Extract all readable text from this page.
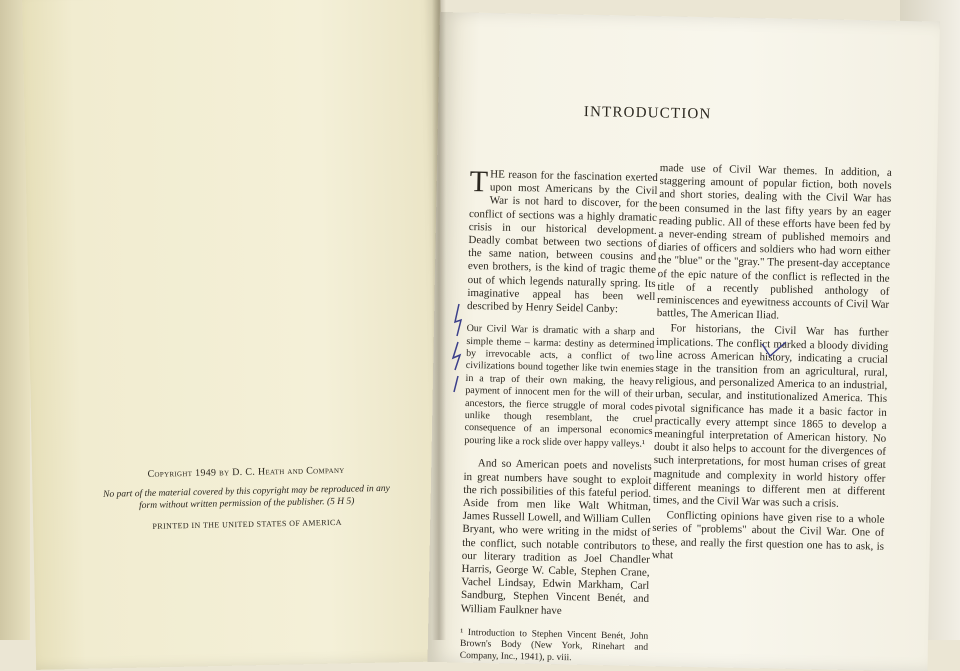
Copyright 1949 by D. C. Heath and Company
No part of the material covered by this copyright may be reproduced in any form without written permission of the publisher. (5 H 5)
PRINTED IN THE UNITED STATES OF AMERICA
INTRODUCTION

THE reason for the fascination exerted upon most Americans by the Civil War is not hard to discover, for the conflict of sections was a highly dramatic crisis in our historical development. Deadly combat between two sections of the same nation, between cousins and even brothers, is the kind of tragic theme out of which legends naturally spring. Its imaginative appeal has been well described by Henry Seidel Canby:

Our Civil War is dramatic with a sharp and simple theme – karma: destiny as determined by irrevocable acts, a conflict of two civilizations bound together like twin enemies in a trap of their own making, the heavy payment of innocent men for the will of their ancestors, the fierce struggle of moral codes unlike though resemblant, the cruel consequence of an impersonal economics pouring like a rock slide over happy valleys.¹

And so American poets and novelists in great numbers have sought to exploit the rich possibilities of this fateful period. Aside from men like Walt Whitman, James Russell Lowell, and William Cullen Bryant, who were writing in the midst of the conflict, such notable contributors to our literary tradition as Joel Chandler Harris, George W. Cable, Stephen Crane, Vachel Lindsay, Edwin Markham, Carl Sandburg, Stephen Vincent Benét, and William Faulkner have

¹ Introduction to Stephen Vincent Benét, John Brown's Body (New York, Rinehart and Company, Inc., 1941), p. viii.

made use of Civil War themes. In addition, a staggering amount of popular fiction, both novels and short stories, dealing with the Civil War has been consumed in the last fifty years by an eager reading public. All of these efforts have been fed by a never-ending stream of published memoirs and diaries of officers and soldiers who had worn either the "blue" or the "gray." The present-day acceptance of the epic nature of the conflict is reflected in the title of a recently published anthology of reminiscences and eyewitness accounts of Civil War battles, The American Iliad.

For historians, the Civil War has further implications. The conflict marked a bloody dividing line across American history, indicating a crucial stage in the transition from an agricultural, rural, religious, and personalized America to an industrial, urban, secular, and institutionalized America. This pivotal significance has made it a basic factor in practically every attempt since 1865 to develop a meaningful interpretation of American history. No doubt it also helps to account for the divergences of such interpretations, for most human crises of great magnitude and complexity in world history offer different meanings to different men at different times, and the Civil War was such a crisis.

Conflicting opinions have given rise to a whole series of "problems" about the Civil War. One of these, and really the first question one has to ask, is what
